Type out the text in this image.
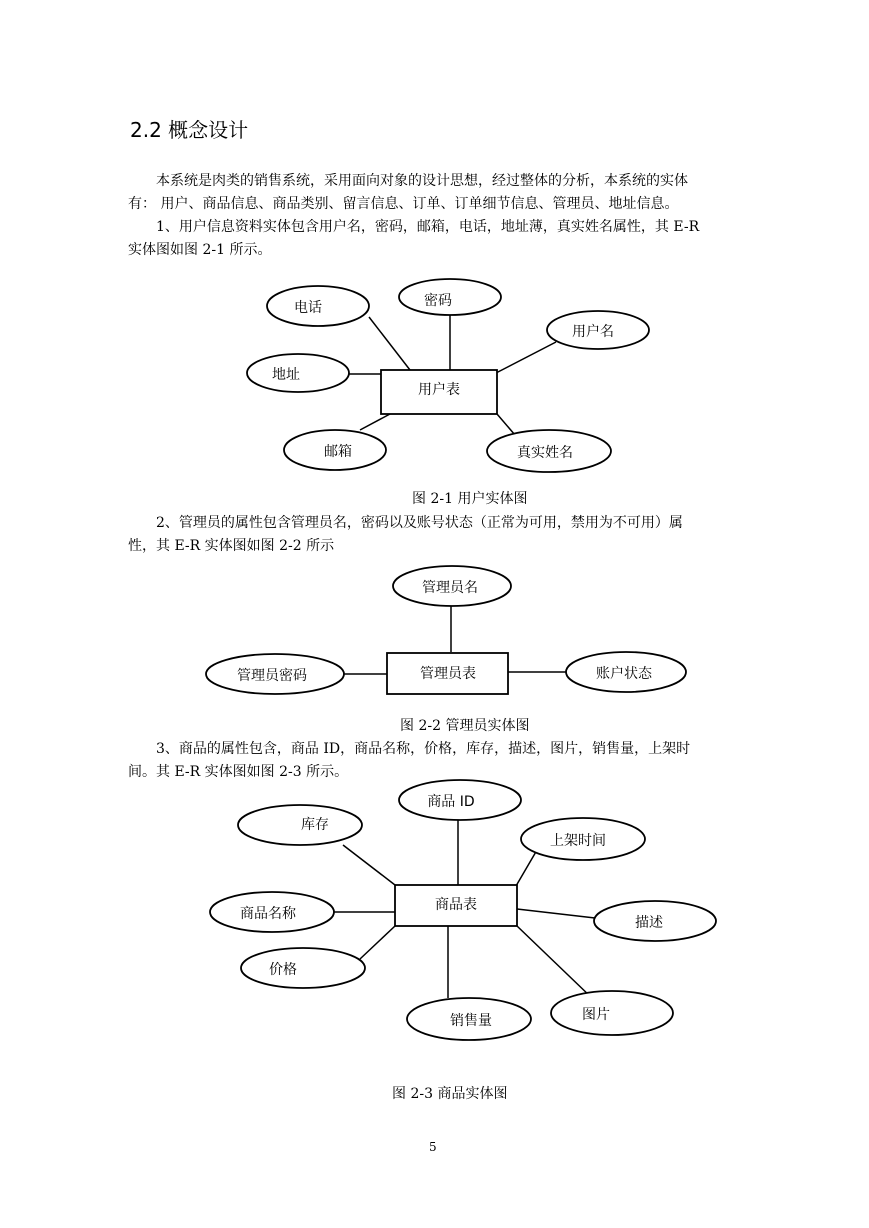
2.2 概念设计

本系统是肉类的销售系统，采用面向对象的设计思想，经过整体的分析，本系统的实体

有： 用户、商品信息、商品类别、留言信息、订单、订单细节信息、管理员、地址信息。

1、用户信息资料实体包含用户名，密码，邮箱，电话，地址薄，真实姓名属性，其 E-R

实体图如图 2-1 所示。

电话	密码
用户名
地址
邮箱	真实姓名
用户表
图 2-1 用户实体图

2、管理员的属性包含管理员名，密码以及账号状态（正常为可用，禁用为不可用）属

性，其 E-R 实体图如图 2-2 所示

管理员名
管理员密码	账户状态
管理员表
图 2-2 管理员实体图

3、商品的属性包含，商品 ID，商品名称，价格，库存，描述，图片，销售量，上架时

间。其 E-R 实体图如图 2-3 所示。

商品 ID
库存
上架时间
商品名称
描述
价格
图片
销售量
商品表
图 2-3 商品实体图
5
